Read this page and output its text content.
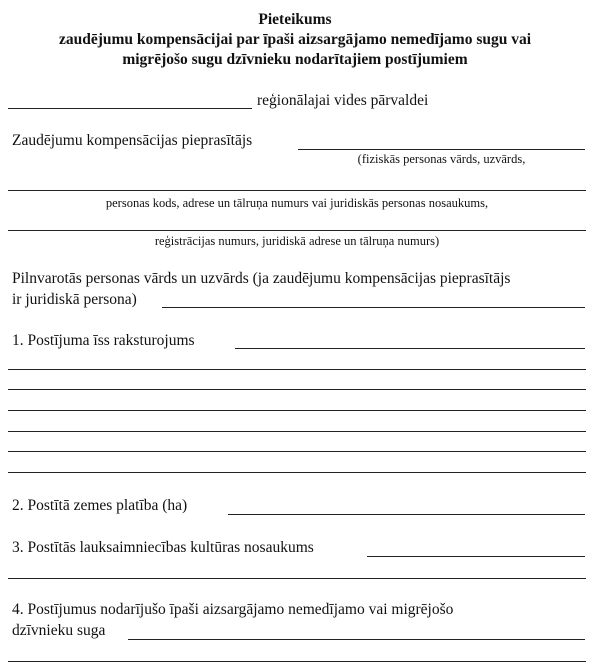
Pieteikums

zaudējumu kompensācijai par īpaši aizsargājamo nemedījamo sugu vai

migrējošo sugu dzīvnieku nodarītajiem postījumiem

reģionālajai vides pārvaldei

Zaudējumu kompensācijas pieprasītājs

(fiziskās personas vārds, uzvārds,

personas kods, adrese un tālruņa numurs vai juridiskās personas nosaukums,

reģistrācijas numurs, juridiskā adrese un tālruņa numurs)

Pilnvarotās personas vārds un uzvārds (ja zaudējumu kompensācijas pieprasītājs

ir juridiskā persona)

1. Postījuma īss raksturojums

2. Postītā zemes platība (ha)

3. Postītās lauksaimniecības kultūras nosaukums

4. Postījumus nodarījušo īpaši aizsargājamo nemedījamo vai migrējošo

dzīvnieku suga
